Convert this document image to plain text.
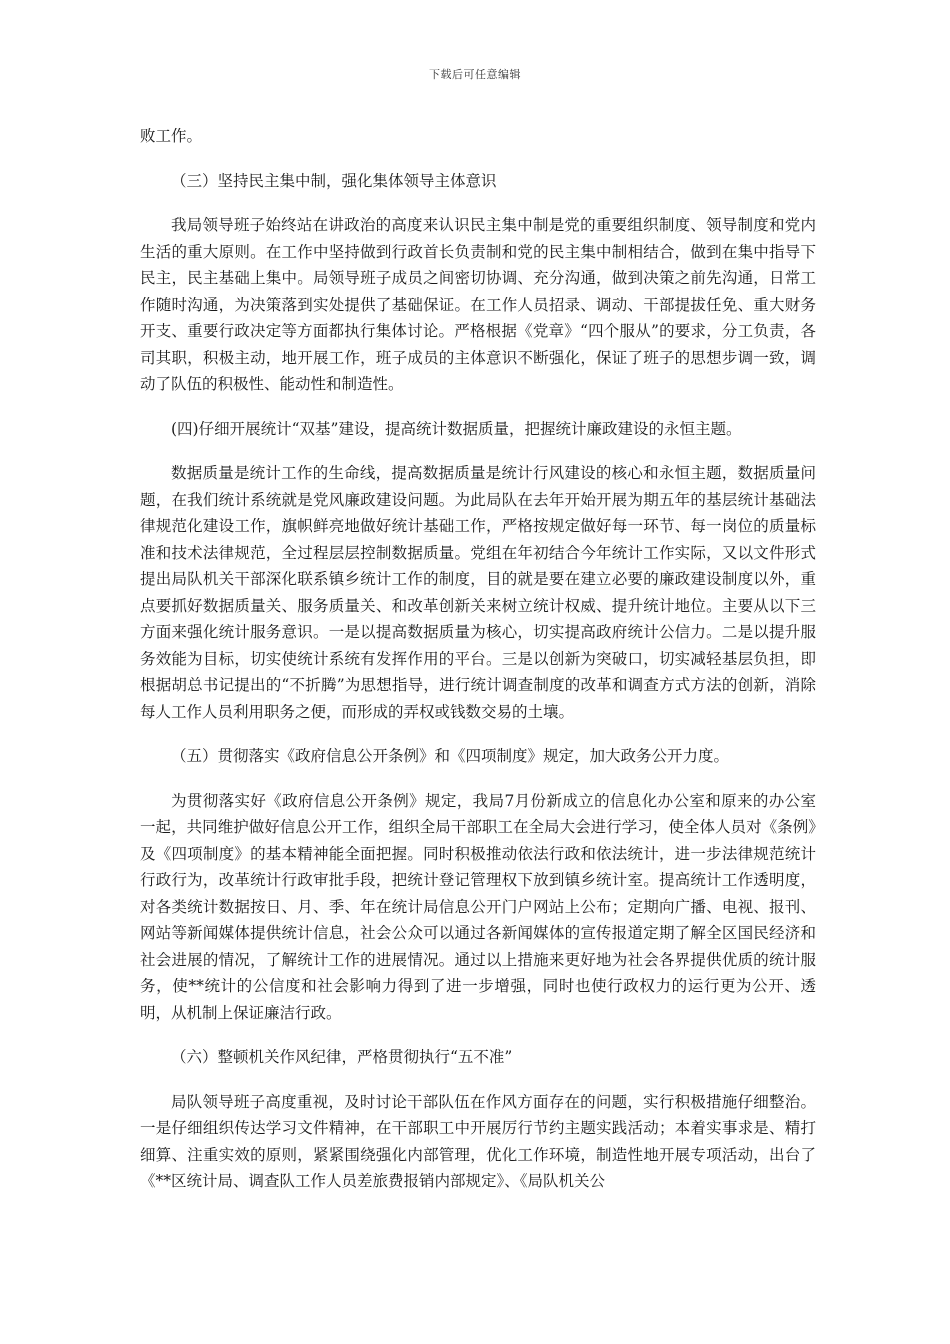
下载后可任意编辑

败工作。

（三）坚持民主集中制，强化集体领导主体意识

我局领导班子始终站在讲政治的高度来认识民主集中制是党的重要组织制度、领导制度和党内生活的重大原则。在工作中坚持做到行政首长负责制和党的民主集中制相结合，做到在集中指导下民主，民主基础上集中。局领导班子成员之间密切协调、充分沟通，做到决策之前先沟通，日常工作随时沟通，为决策落到实处提供了基础保证。在工作人员招录、调动、干部提拔任免、重大财务开支、重要行政决定等方面都执行集体讨论。严格根据《党章》“四个服从”的要求，分工负责，各司其职，积极主动，地开展工作，班子成员的主体意识不断强化，保证了班子的思想步调一致，调动了队伍的积极性、能动性和制造性。

(四)仔细开展统计“双基”建设，提高统计数据质量，把握统计廉政建设的永恒主题。

数据质量是统计工作的生命线，提高数据质量是统计行风建设的核心和永恒主题，数据质量问题，在我们统计系统就是党风廉政建设问题。为此局队在去年开始开展为期五年的基层统计基础法律规范化建设工作，旗帜鲜亮地做好统计基础工作，严格按规定做好每一环节、每一岗位的质量标准和技术法律规范，全过程层层控制数据质量。党组在年初结合今年统计工作实际，又以文件形式提出局队机关干部深化联系镇乡统计工作的制度，目的就是要在建立必要的廉政建设制度以外，重点要抓好数据质量关、服务质量关、和改革创新关来树立统计权威、提升统计地位。主要从以下三方面来强化统计服务意识。一是以提高数据质量为核心，切实提高政府统计公信力。二是以提升服务效能为目标，切实使统计系统有发挥作用的平台。三是以创新为突破口，切实减轻基层负担，即根据胡总书记提出的“不折腾”为思想指导，进行统计调查制度的改革和调查方式方法的创新，消除每人工作人员利用职务之便，而形成的弄权或钱数交易的土壤。

（五）贯彻落实《政府信息公开条例》和《四项制度》规定，加大政务公开力度。

为贯彻落实好《政府信息公开条例》规定，我局7月份新成立的信息化办公室和原来的办公室一起，共同维护做好信息公开工作，组织全局干部职工在全局大会进行学习，使全体人员对《条例》及《四项制度》的基本精神能全面把握。同时积极推动依法行政和依法统计，进一步法律规范统计行政行为，改革统计行政审批手段，把统计登记管理权下放到镇乡统计室。提高统计工作透明度，对各类统计数据按日、月、季、年在统计局信息公开门户网站上公布；定期向广播、电视、报刊、网站等新闻媒体提供统计信息，社会公众可以通过各新闻媒体的宣传报道定期了解全区国民经济和社会进展的情况，了解统计工作的进展情况。通过以上措施来更好地为社会各界提供优质的统计服务，使**统计的公信度和社会影响力得到了进一步增强，同时也使行政权力的运行更为公开、透明，从机制上保证廉洁行政。

（六）整顿机关作风纪律，严格贯彻执行“五不准”

局队领导班子高度重视，及时讨论干部队伍在作风方面存在的问题，实行积极措施仔细整治。一是仔细组织传达学习文件精神，在干部职工中开展厉行节约主题实践活动；本着实事求是、精打细算、注重实效的原则，紧紧围绕强化内部管理，优化工作环境，制造性地开展专项活动，出台了《**区统计局、调查队工作人员差旅费报销内部规定》、《局队机关公
